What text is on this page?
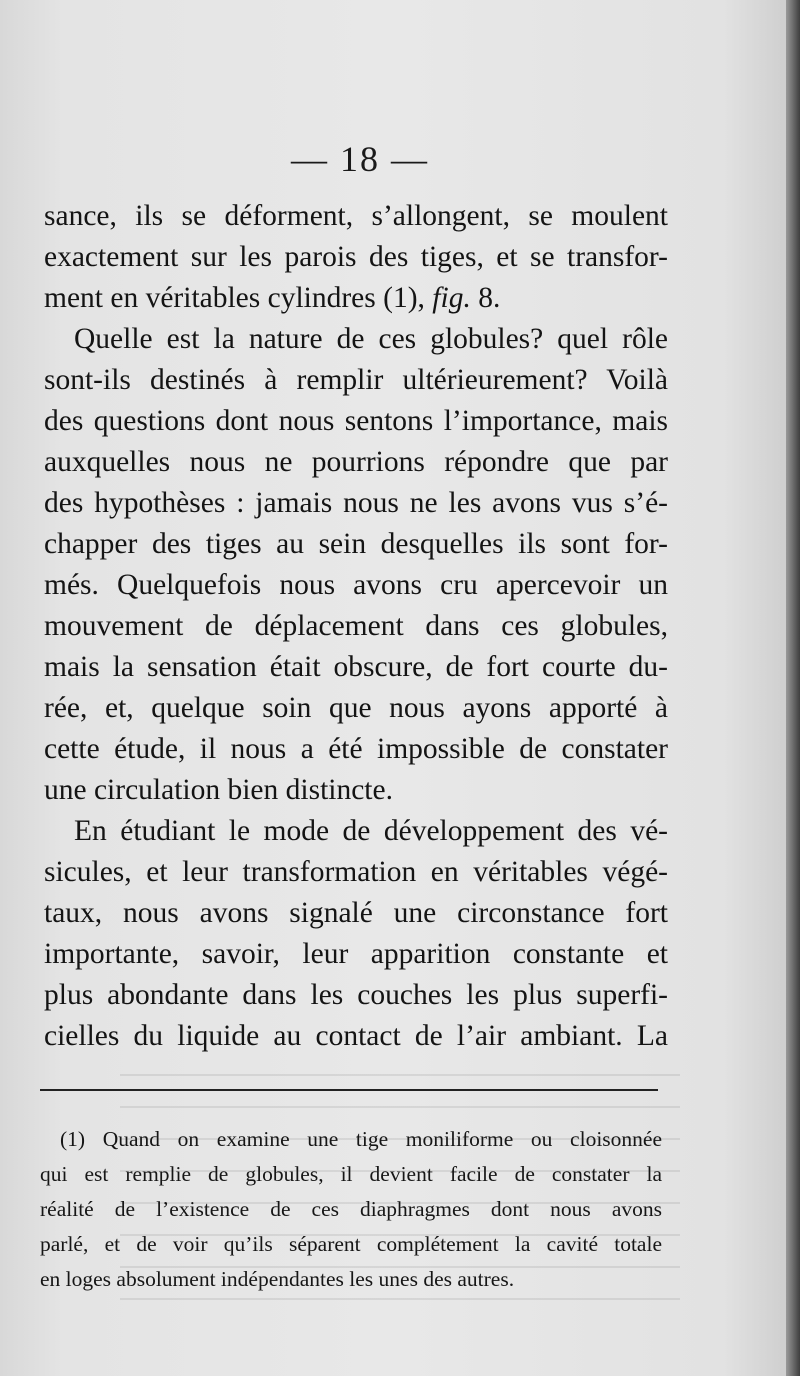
— 18 —
sance, ils se déforment, s’allongent, se moulent
exactement sur les parois des tiges, et se transfor-
ment en véritables cylindres (1), fig. 8.
Quelle est la nature de ces globules? quel rôle
sont-ils destinés à remplir ultérieurement? Voilà
des questions dont nous sentons l’importance, mais
auxquelles nous ne pourrions répondre que par
des hypothèses : jamais nous ne les avons vus s’é-
chapper des tiges au sein desquelles ils sont for-
més. Quelquefois nous avons cru apercevoir un
mouvement de déplacement dans ces globules,
mais la sensation était obscure, de fort courte du-
rée, et, quelque soin que nous ayons apporté à
cette étude, il nous a été impossible de constater
une circulation bien distincte.
En étudiant le mode de développement des vé-
sicules, et leur transformation en véritables végé-
taux, nous avons signalé une circonstance fort
importante, savoir, leur apparition constante et
plus abondante dans les couches les plus superfi-
cielles du liquide au contact de l’air ambiant. La
(1) Quand on examine une tige moniliforme ou cloisonnée
qui est remplie de globules, il devient facile de constater la
réalité de l’existence de ces diaphragmes dont nous avons
parlé, et de voir qu’ils séparent complétement la cavité totale
en loges absolument indépendantes les unes des autres.
